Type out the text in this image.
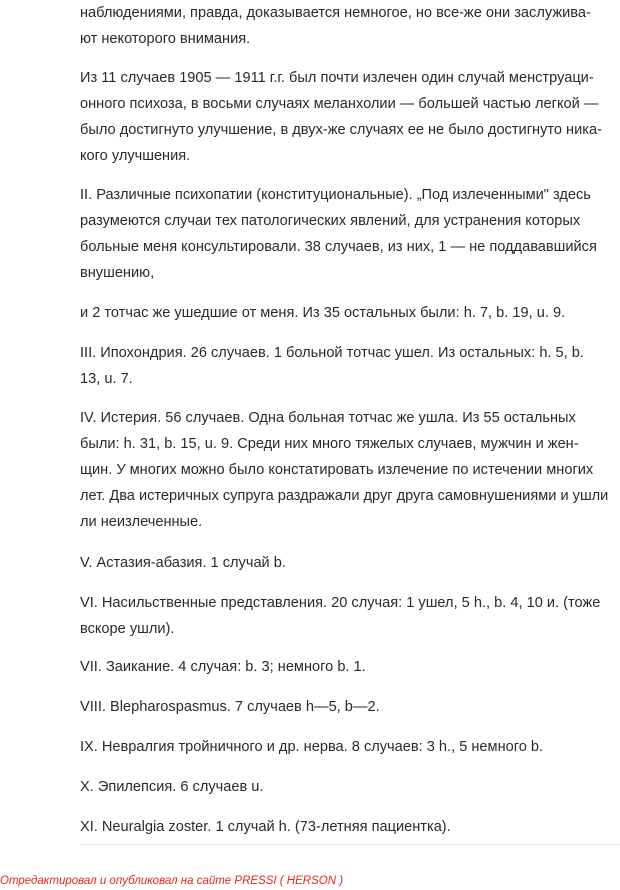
наблюдениями, правда, доказывается немногое, но все-же они заслужива-
ют некоторого внимания.

Из 11 случаев 1905 — 1911 г.г. был почти излечен один случай менструаци-
онного психоза, в восьми случаях меланхолии — большей частью легкой —
было достигнуто улучшение, в двух-же случаях ее не было достигнуто ника-
кого улучшения.

II. Различные психопатии (конституциональные). „Под излеченными" здесь
разумеются случаи тех патологических явлений, для устранения которых
больные меня консультировали. 38 случаев, из них, 1 — не поддававшийся
внушению,

и 2 тотчас же ушедшие от меня. Из 35 остальных были: h. 7, b. 19, u. 9.

III. Ипохондрия. 26 случаев. 1 больной тотчас ушел. Из остальных: h. 5, b.
13, u. 7.

IV. Истерия. 56 случаев. Одна больная тотчас же ушла. Из 55 остальных
были: h. 31, b. 15, u. 9. Среди них много тяжелых случаев, мужчин и жен-
щин. У многих можно было констатировать излечение по истечении многих
лет. Два истеричных супруга раздражали друг друга самовнушениями и ушли
ли неизлеченные.

V. Астазия-абазия. 1 случай b.

VI. Насильственные представления. 20 случая: 1 ушел, 5 h., b. 4, 10 и. (тоже
вскоре ушли).

VII. Заикание. 4 случая: b. 3; немного b. 1.

VIII. Blepharospasmus. 7 случаев h—5, b—2.

IX. Невралгия тройничного и др. нерва. 8 случаев: 3 h., 5 немного b.

X. Эпилепсия. 6 случаев u.

XI. Neuralgia zoster. 1 случай h. (73-летняя пациентка).

Отредактировал и опубликовал на сайте PRESSI ( HERSON )
